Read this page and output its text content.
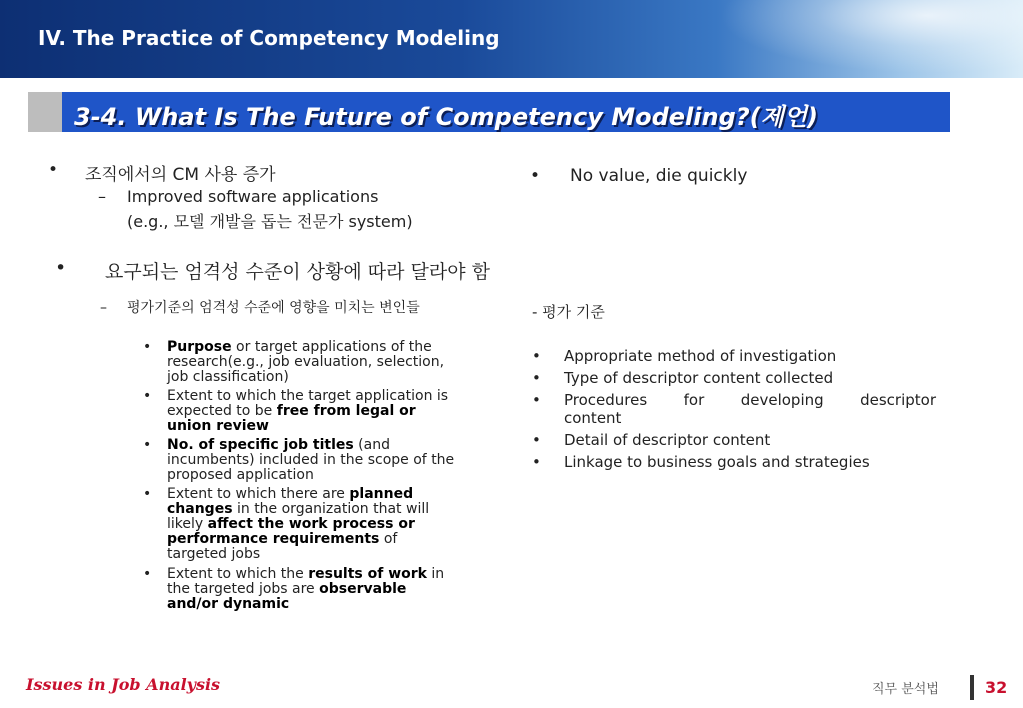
IV. The Practice of Competency Modeling
3-4. What Is The Future of Competency Modeling?(제언)
• 조직에서의 CM 사용 증가
– Improved software applications
(e.g., 모델 개발을 돕는 전문가 system)
• No value, die quickly
• 요구되는 엄격성 수준이 상황에 따라 달라야 함
– 평가기준의 엄격성 수준에 영향을 미치는 변인들
• Purpose or target applications of the research(e.g., job evaluation, selection, job classification)
• Extent to which the target application is expected to be free from legal or union review
• No. of specific job titles (and incumbents) included in the scope of the proposed application
• Extent to which there are planned changes in the organization that will likely affect the work process or performance requirements of targeted jobs
• Extent to which the results of work in the targeted jobs are observable and/or dynamic
- 평가 기준
• Appropriate method of investigation
• Type of descriptor content collected
• Procedures for developing descriptor content
• Detail of descriptor content
• Linkage to business goals and strategies
Issues in Job Analysis	직무 분석법	32
